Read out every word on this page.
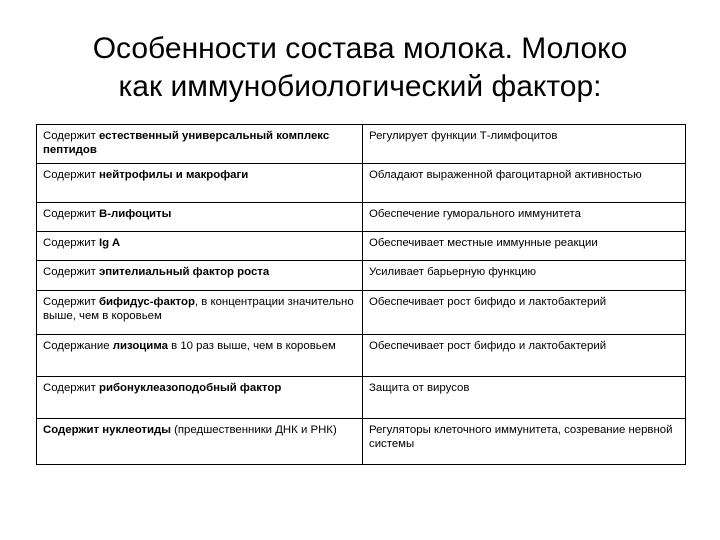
Особенности состава молока. Молоко
как иммунобиологический фактор:
Содержит естественный универсальный комплекс пептидов	Регулирует функции Т-лимфоцитов
Содержит нейтрофилы и макрофаги	Обладают выраженной фагоцитарной активностью
Содержит В-лифоциты	Обеспечение гуморального иммунитета
Содержит Ig A	Обеспечивает местные иммунные реакции
Содержит эпителиальный фактор роста	Усиливает барьерную функцию
Содержит бифидус-фактор, в концентрации значительно выше, чем в коровьем	Обеспечивает рост бифидо и лактобактерий
Содержание лизоцима в 10 раз выше, чем в коровьем	Обеспечивает рост бифидо и лактобактерий
Содержит рибонуклеазоподобный фактор	Защита от вирусов
Содержит нуклеотиды (предшественники ДНК и РНК)	Регуляторы клеточного иммунитета, созревание нервной системы
